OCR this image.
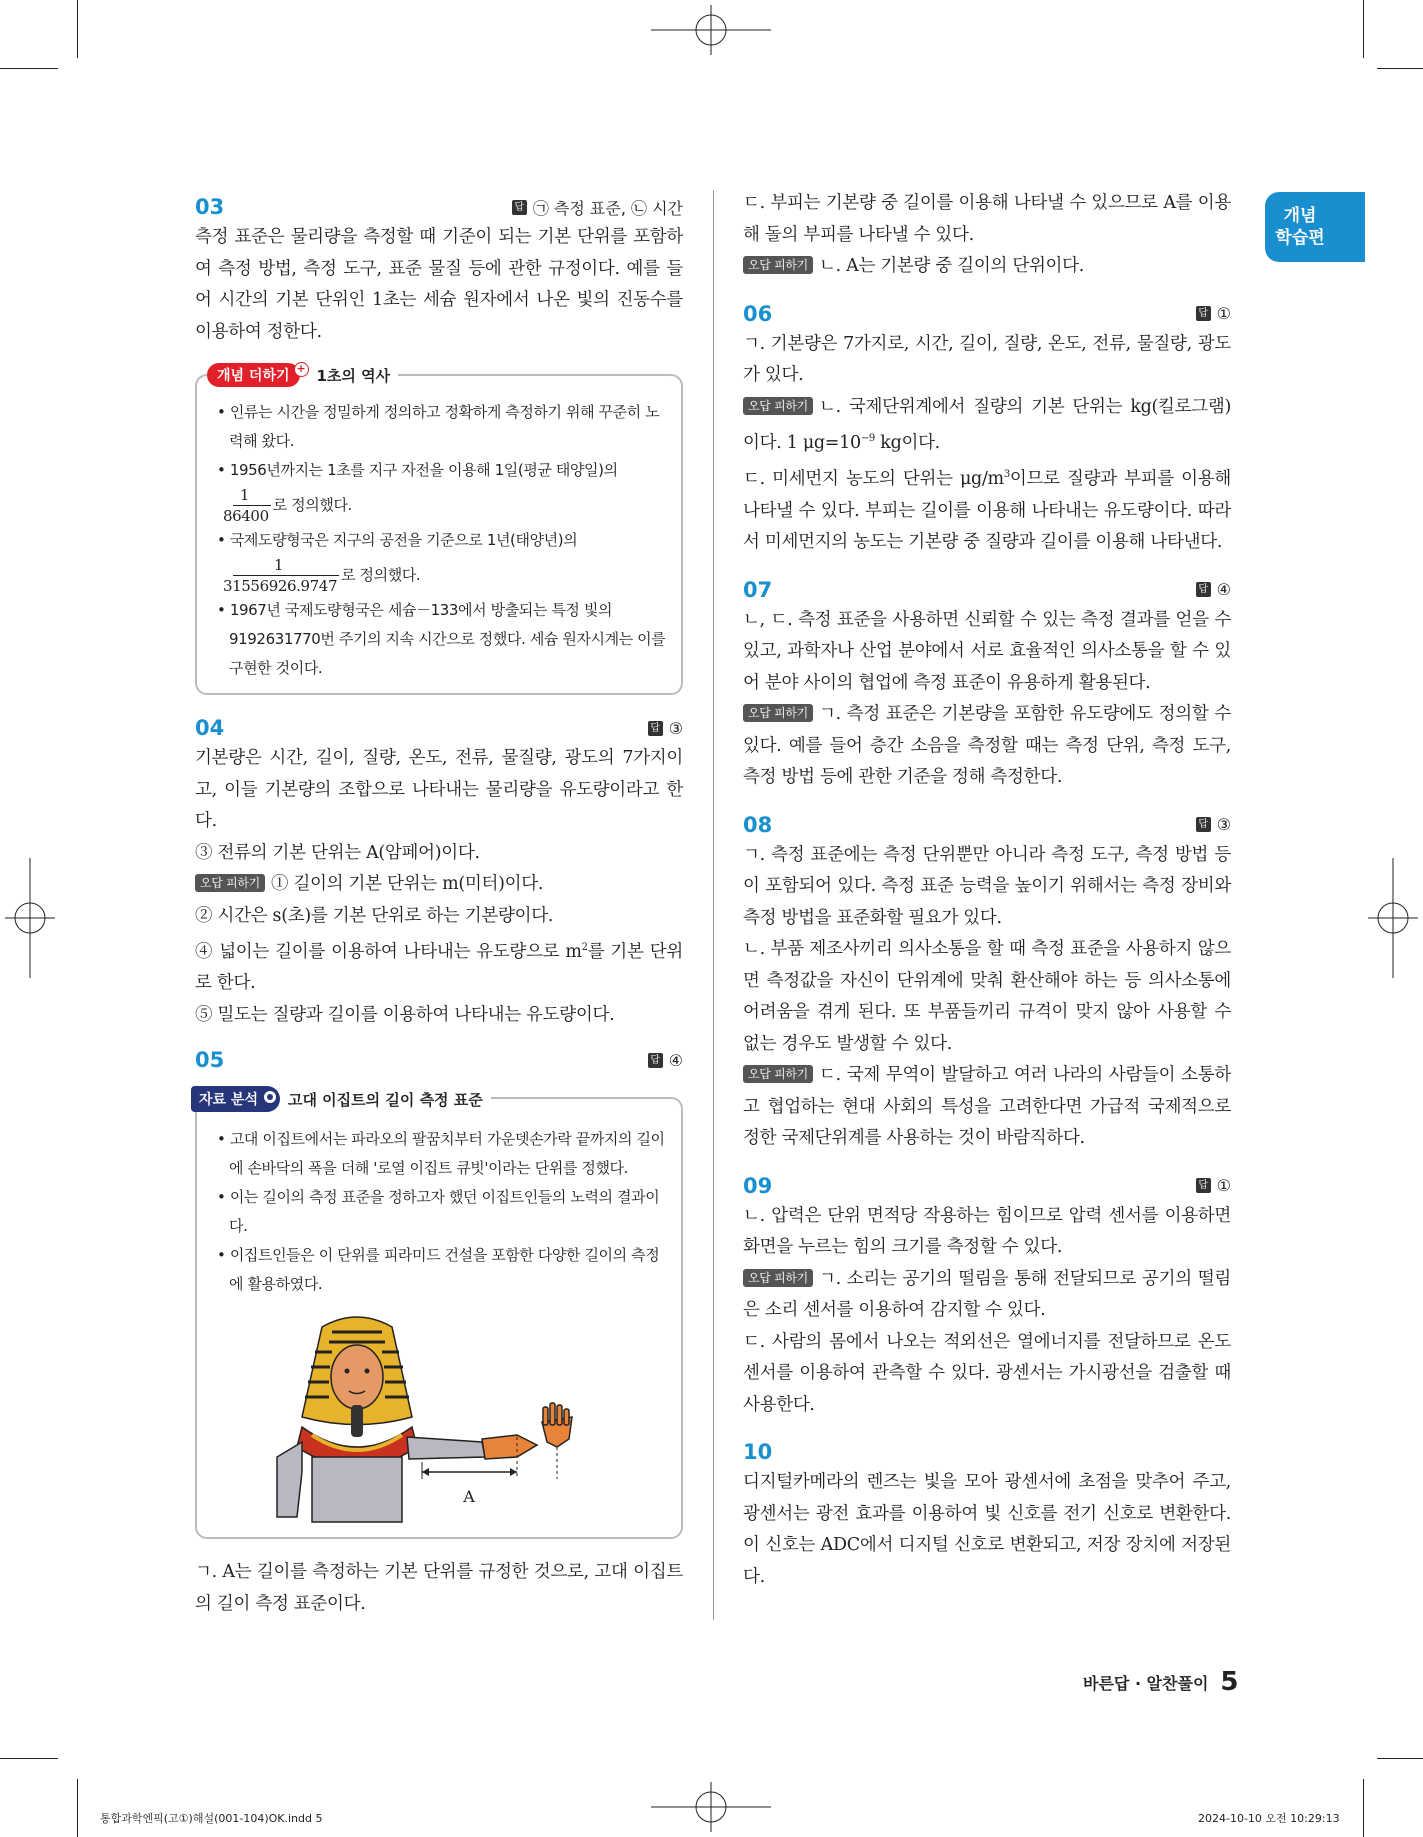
개념
학습편
03	답 ㉠ 측정 표준, ㉡ 시간

측정 표준은 물리량을 측정할 때 기준이 되는 기본 단위를 포함하여 측정 방법, 측정 도구, 표준 물질 등에 관한 규정이다. 예를 들어 시간의 기본 단위인 1초는 세슘 원자에서 나온 빛의 진동수를 이용하여 정한다.

개념 더하기 + 1초의 역사

• 인류는 시간을 정밀하게 정의하고 정확하게 측정하기 위해 꾸준히 노력해 왔다.

• 1956년까지는 1초를 지구 자전을 이용해 1일(평균 태양일)의

$\frac{1}{86400}$ 로 정의했다.

• 국제도량형국은 지구의 공전을 기준으로 1년(태양년)의

$\frac{1}{31556926.9747}$ 로 정의했다.

• 1967년 국제도량형국은 세슘－133에서 방출되는 특정 빛의 9192631770번 주기의 지속 시간으로 정했다. 세슘 원자시계는 이를 구현한 것이다.

04	답 ③

기본량은 시간, 길이, 질량, 온도, 전류, 물질량, 광도의 7가지이고, 이들 기본량의 조합으로 나타내는 물리량을 유도량이라고 한다.

③ 전류의 기본 단위는 A(암페어)이다.

오답 피하기 ① 길이의 기본 단위는 m(미터)이다.

② 시간은 s(초)를 기본 단위로 하는 기본량이다.

④ 넓이는 길이를 이용하여 나타내는 유도량으로 $m^2$를 기본 단위로 한다.

⑤ 밀도는 질량과 길이를 이용하여 나타내는 유도량이다.

05	답 ④
자료 분석	고대 이집트의 길이 측정 표준

• 고대 이집트에서는 파라오의 팔꿈치부터 가운뎃손가락 끝까지의 길이에 손바닥의 폭을 더해 '로열 이집트 큐빗'이라는 단위를 정했다.

• 이는 길이의 측정 표준을 정하고자 했던 이집트인들의 노력의 결과이다.

• 이집트인들은 이 단위를 피라미드 건설을 포함한 다양한 길이의 측정에 활용하였다.

A

ㄱ. A는 길이를 측정하는 기본 단위를 규정한 것으로, 고대 이집트의 길이 측정 표준이다.

ㄷ. 부피는 기본량 중 길이를 이용해 나타낼 수 있으므로 A를 이용해 돌의 부피를 나타낼 수 있다.

오답 피하기 ㄴ. A는 기본량 중 길이의 단위이다.

06	답 ①

ㄱ. 기본량은 7가지로, 시간, 길이, 질량, 온도, 전류, 물질량, 광도가 있다.

오답 피하기 ㄴ. 국제단위계에서 질량의 기본 단위는 kg(킬로그램)이다. 1 $\mu g=10^{-9}$ kg이다.

ㄷ. 미세먼지 농도의 단위는 $\mu g/m^3$이므로 질량과 부피를 이용해 나타낼 수 있다. 부피는 길이를 이용해 나타내는 유도량이다. 따라서 미세먼지의 농도는 기본량 중 질량과 길이를 이용해 나타낸다.

07	답 ④

ㄴ, ㄷ. 측정 표준을 사용하면 신뢰할 수 있는 측정 결과를 얻을 수 있고, 과학자나 산업 분야에서 서로 효율적인 의사소통을 할 수 있어 분야 사이의 협업에 측정 표준이 유용하게 활용된다.

오답 피하기 ㄱ. 측정 표준은 기본량을 포함한 유도량에도 정의할 수 있다. 예를 들어 층간 소음을 측정할 때는 측정 단위, 측정 도구, 측정 방법 등에 관한 기준을 정해 측정한다.

08	답 ③

ㄱ. 측정 표준에는 측정 단위뿐만 아니라 측정 도구, 측정 방법 등이 포함되어 있다. 측정 표준 능력을 높이기 위해서는 측정 장비와 측정 방법을 표준화할 필요가 있다.

ㄴ. 부품 제조사끼리 의사소통을 할 때 측정 표준을 사용하지 않으면 측정값을 자신이 단위계에 맞춰 환산해야 하는 등 의사소통에 어려움을 겪게 된다. 또 부품들끼리 규격이 맞지 않아 사용할 수 없는 경우도 발생할 수 있다.

오답 피하기 ㄷ. 국제 무역이 발달하고 여러 나라의 사람들이 소통하고 협업하는 현대 사회의 특성을 고려한다면 가급적 국제적으로 정한 국제단위계를 사용하는 것이 바람직하다.

09	답 ①

ㄴ. 압력은 단위 면적당 작용하는 힘이므로 압력 센서를 이용하면 화면을 누르는 힘의 크기를 측정할 수 있다.

오답 피하기 ㄱ. 소리는 공기의 떨림을 통해 전달되므로 공기의 떨림은 소리 센서를 이용하여 감지할 수 있다.

ㄷ. 사람의 몸에서 나오는 적외선은 열에너지를 전달하므로 온도 센서를 이용하여 관측할 수 있다. 광센서는 가시광선을 검출할 때 사용한다.

10

디지털카메라의 렌즈는 빛을 모아 광센서에 초점을 맞추어 주고, 광센서는 광전 효과를 이용하여 빛 신호를 전기 신호로 변환한다. 이 신호는 ADC에서 디지털 신호로 변환되고, 저장 장치에 저장된다.

바른답 · 알찬풀이 5
통합과학엔픽(고①)해설(001-104)OK.indd 5	2024-10-10 오전 10:29:13
